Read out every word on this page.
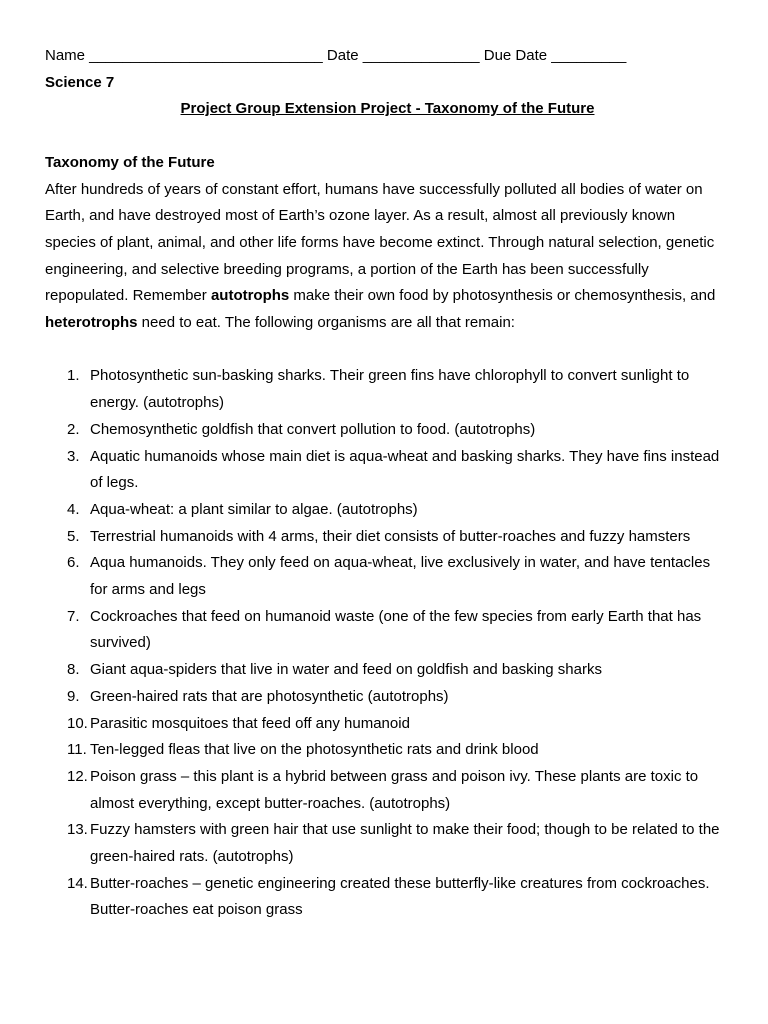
Name ____________________________ Date ______________ Due Date _________
Science 7
Project Group Extension Project - Taxonomy of the Future
Taxonomy of the Future

After hundreds of years of constant effort, humans have successfully polluted all bodies of water on Earth, and have destroyed most of Earth’s ozone layer. As a result, almost all previously known species of plant, animal, and other life forms have become extinct. Through natural selection, genetic engineering, and selective breeding programs, a portion of the Earth has been successfully repopulated. Remember autotrophs make their own food by photosynthesis or chemosynthesis, and heterotrophs need to eat. The following organisms are all that remain:

1. Photosynthetic sun-basking sharks. Their green fins have chlorophyll to convert sunlight to energy. (autotrophs)
2. Chemosynthetic goldfish that convert pollution to food. (autotrophs)
3. Aquatic humanoids whose main diet is aqua-wheat and basking sharks. They have fins instead of legs.
4. Aqua-wheat: a plant similar to algae. (autotrophs)
5. Terrestrial humanoids with 4 arms, their diet consists of butter-roaches and fuzzy hamsters
6. Aqua humanoids. They only feed on aqua-wheat, live exclusively in water, and have tentacles for arms and legs
7. Cockroaches that feed on humanoid waste (one of the few species from early Earth that has survived)
8. Giant aqua-spiders that live in water and feed on goldfish and basking sharks
9. Green-haired rats that are photosynthetic (autotrophs)
10. Parasitic mosquitoes that feed off any humanoid
11. Ten-legged fleas that live on the photosynthetic rats and drink blood
12. Poison grass – this plant is a hybrid between grass and poison ivy. These plants are toxic to almost everything, except butter-roaches. (autotrophs)
13. Fuzzy hamsters with green hair that use sunlight to make their food; though to be related to the green-haired rats. (autotrophs)
14. Butter-roaches – genetic engineering created these butterfly-like creatures from cockroaches. Butter-roaches eat poison grass
